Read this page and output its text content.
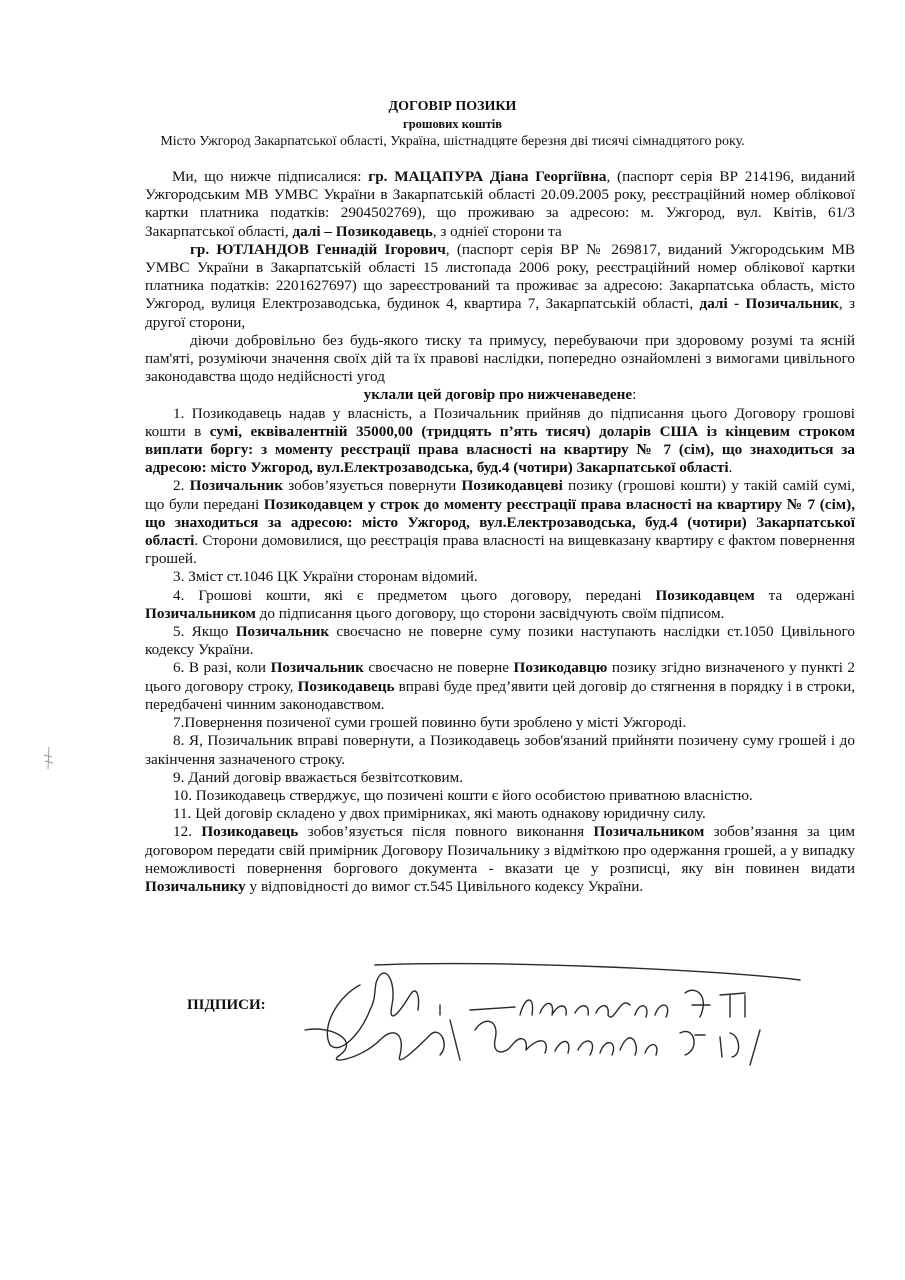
ДОГОВІР ПОЗИКИ
грошових коштів
Місто Ужгород Закарпатської області, Україна, шістнадцяте березня дві тисячі сімнадцятого року.

Ми, що нижче підписалися: гр. МАЦАПУРА Діана Георгіївна, (паспорт серія ВР 214196, виданий Ужгородським МВ УМВС України в Закарпатській області 20.09.2005 року, реєстраційний номер облікової картки платника податків: 2904502769), що проживаю за адресою: м. Ужгород, вул. Квітів, 61/3 Закарпатської області, далі – Позикодавець, з одніеї сторони та

гр. ЮТЛАНДОВ Геннадій Ігорович, (паспорт серія ВР № 269817, виданий Ужгородським МВ УМВС України в Закарпатській області 15 листопада 2006 року, реєстраційний номер облікової картки платника податків: 2201627697) що зареєстрований та проживає за адресою: Закарпатська область, місто Ужгород, вулиця Електрозаводська, будинок 4, квартира 7, Закарпатській області, далі - Позичальник, з другої сторони,

діючи добровільно без будь-якого тиску та примусу, перебуваючи при здоровому розумі та ясній пам'яті, розуміючи значення своїх дій та їх правові наслідки, попередно ознайомлені з вимогами цивільного законодавства щодо недійсності угод

уклали цей договір про нижченаведене:

1. Позикодавець надав у власність, а Позичальник прийняв до підписання цього Договору грошові кошти в сумі, еквівалентній 35000,00 (тридцять п’ять тисяч) доларів США із кінцевим строком виплати боргу: з моменту реєстрації права власності на квартиру № 7 (сім), що знаходиться за адресою: місто Ужгород, вул.Електрозаводська, буд.4 (чотири) Закарпатської області.

2. Позичальник зобов’язується повернути Позикодавцеві позику (грошові кошти) у такій самій сумі, що були передані Позикодавцем у строк до моменту реєстрації права власності на квартиру № 7 (сім), що знаходиться за адресою: місто Ужгород, вул.Електрозаводська, буд.4 (чотири) Закарпатської області. Сторони домовилися, що реєстрація права власності на вищевказану квартиру є фактом повернення грошей.

3. Зміст ст.1046 ЦК України сторонам відомий.

4. Грошові кошти, які є предметом цього договору, передані Позикодавцем та одержані Позичальником до підписання цього договору, що сторони засвідчують своїм підписом.

5. Якщо Позичальник своєчасно не поверне суму позики наступають наслідки ст.1050 Цивільного кодексу України.

6. В разі, коли Позичальник своєчасно не поверне Позикодавцю позику згідно визначеного у пункті 2 цього договору строку, Позикодавець вправі буде пред’явити цей договір до стягнення в порядку і в строки, передбачені чинним законодавством.

7.Повернення позиченої суми грошей повинно бути зроблено у місті Ужгороді.

8. Я, Позичальник вправі повернути, а Позикодавець зобов'язаний прийняти позичену суму грошей і до закінчення зазначеного строку.

9. Даний договір вважається безвітсотковим.

10. Позикодавець стверджує, що позичені кошти є його особистою приватною власністю.

11. Цей договір складено у двох примірниках, які мають однакову юридичну силу.

12. Позикодавець зобов’язується після повного виконання Позичальником зобов’язання за цим договором передати свій примірник Договору Позичальнику з відміткою про одержання грошей, а у випадку неможливості повернення боргового документа - вказати це у розписці, яку він повинен видати Позичальнику у відповідності до вимог ст.545 Цивільного кодексу України.

ПІДПИСИ:
